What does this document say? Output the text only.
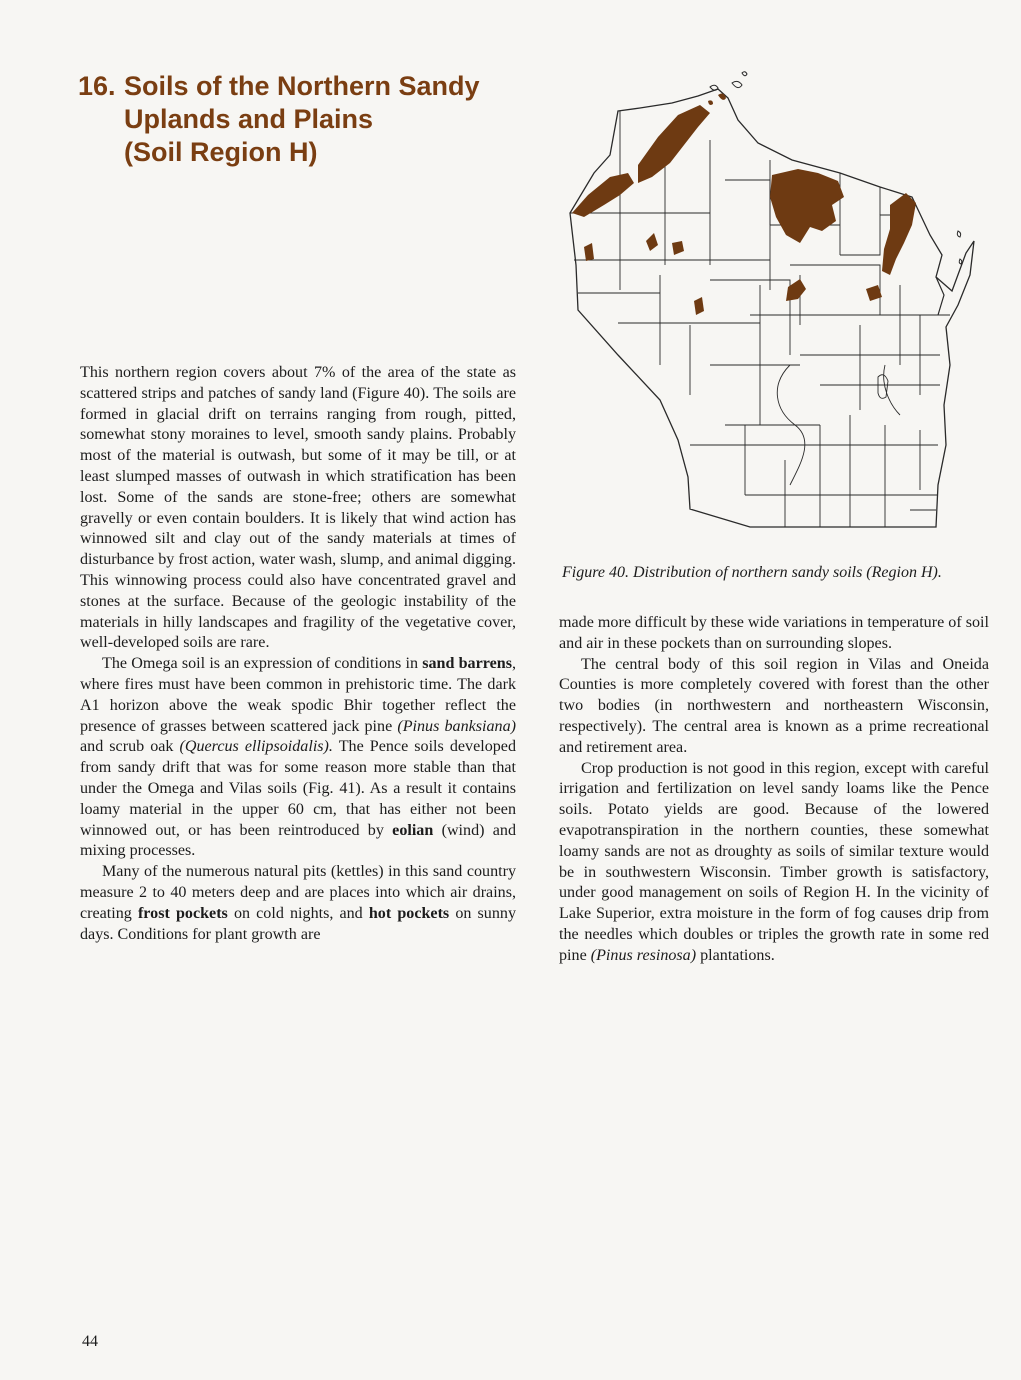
16. Soils of the Northern Sandy
Uplands and Plains
(Soil Region H)

This northern region covers about 7% of the area of the state as scattered strips and patches of sandy land (Figure 40). The soils are formed in glacial drift on terrains ranging from rough, pitted, somewhat stony moraines to level, smooth sandy plains. Probably most of the material is outwash, but some of it may be till, or at least slumped masses of outwash in which stratification has been lost. Some of the sands are stone-free; others are somewhat gravelly or even contain boulders. It is likely that wind action has winnowed silt and clay out of the sandy materials at times of disturbance by frost action, water wash, slump, and animal digging. This winnowing process could also have concentrated gravel and stones at the surface. Because of the geologic instability of the materials in hilly landscapes and fragility of the vegetative cover, well-developed soils are rare.

The Omega soil is an expression of conditions in sand barrens, where fires must have been common in prehistoric time. The dark A1 horizon above the weak spodic Bhir together reflect the presence of grasses between scattered jack pine (Pinus banksiana) and scrub oak (Quercus ellipsoidalis). The Pence soils developed from sandy drift that was for some reason more stable than that under the Omega and Vilas soils (Fig. 41). As a result it contains loamy material in the upper 60 cm, that has either not been winnowed out, or has been reintroduced by eolian (wind) and mixing processes.

Many of the numerous natural pits (kettles) in this sand country measure 2 to 40 meters deep and are places into which air drains, creating frost pockets on cold nights, and hot pockets on sunny days. Conditions for plant growth are

Figure 40. Distribution of northern sandy soils (Region H).

made more difficult by these wide variations in temperature of soil and air in these pockets than on surrounding slopes.

The central body of this soil region in Vilas and Oneida Counties is more completely covered with forest than the other two bodies (in northwestern and northeastern Wisconsin, respectively). The central area is known as a prime recreational and retirement area.

Crop production is not good in this region, except with careful irrigation and fertilization on level sandy loams like the Pence soils. Potato yields are good. Because of the lowered evapotranspiration in the northern counties, these somewhat loamy sands are not as droughty as soils of similar texture would be in southwestern Wisconsin. Timber growth is satisfactory, under good management on soils of Region H. In the vicinity of Lake Superior, extra moisture in the form of fog causes drip from the needles which doubles or triples the growth rate in some red pine (Pinus resinosa) plantations.

44
